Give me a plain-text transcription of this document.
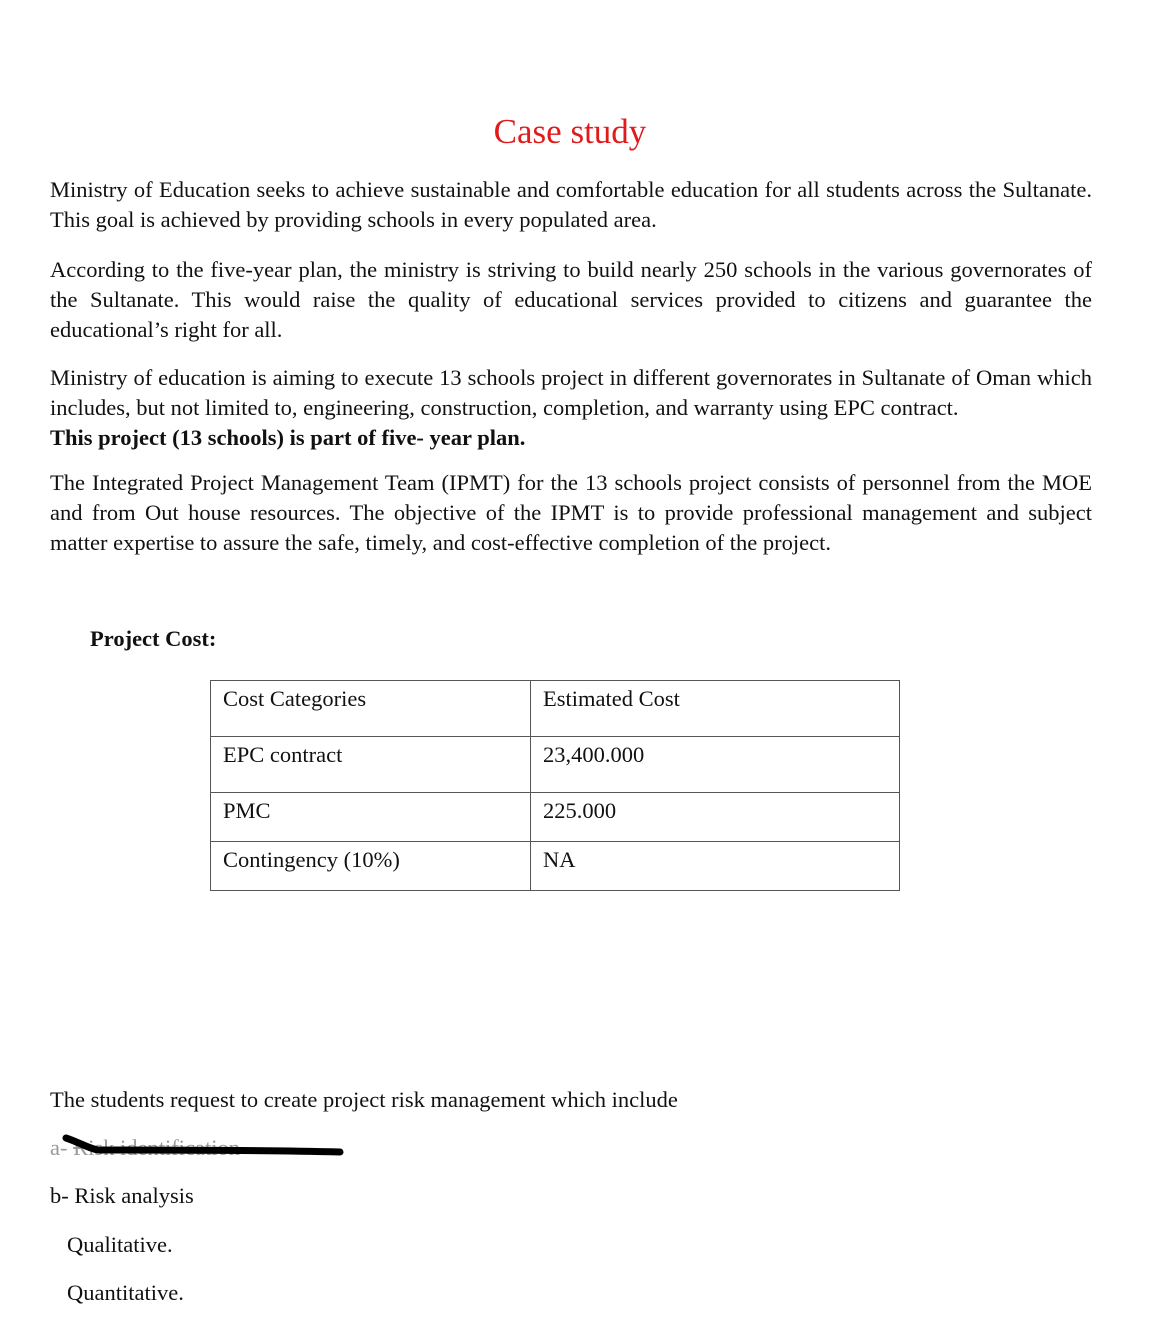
Case study

Ministry of Education seeks to achieve sustainable and comfortable education for all students across the Sultanate. This goal is achieved by providing schools in every populated area.

According to the five-year plan, the ministry is striving to build nearly 250 schools in the various governorates of the Sultanate. This would raise the quality of educational services provided to citizens and guarantee the educational’s right for all.

Ministry of education is aiming to execute 13 schools project in different governorates in Sultanate of Oman which includes, but not limited to, engineering, construction, completion, and warranty using EPC contract.
This project (13 schools) is part of five- year plan.

The Integrated Project Management Team (IPMT) for the 13 schools project consists of personnel from the MOE and from Out house resources. The objective of the IPMT is to provide professional management and subject matter expertise to assure the safe, timely, and cost-effective completion of the project.

Project Cost:

Cost Categories	Estimated Cost
EPC contract	23,400.000
PMC	225.000
Contingency (10%)	NA

The students request to create project risk management which include

a- Risk identification

b- Risk analysis

Qualitative.

Quantitative.
